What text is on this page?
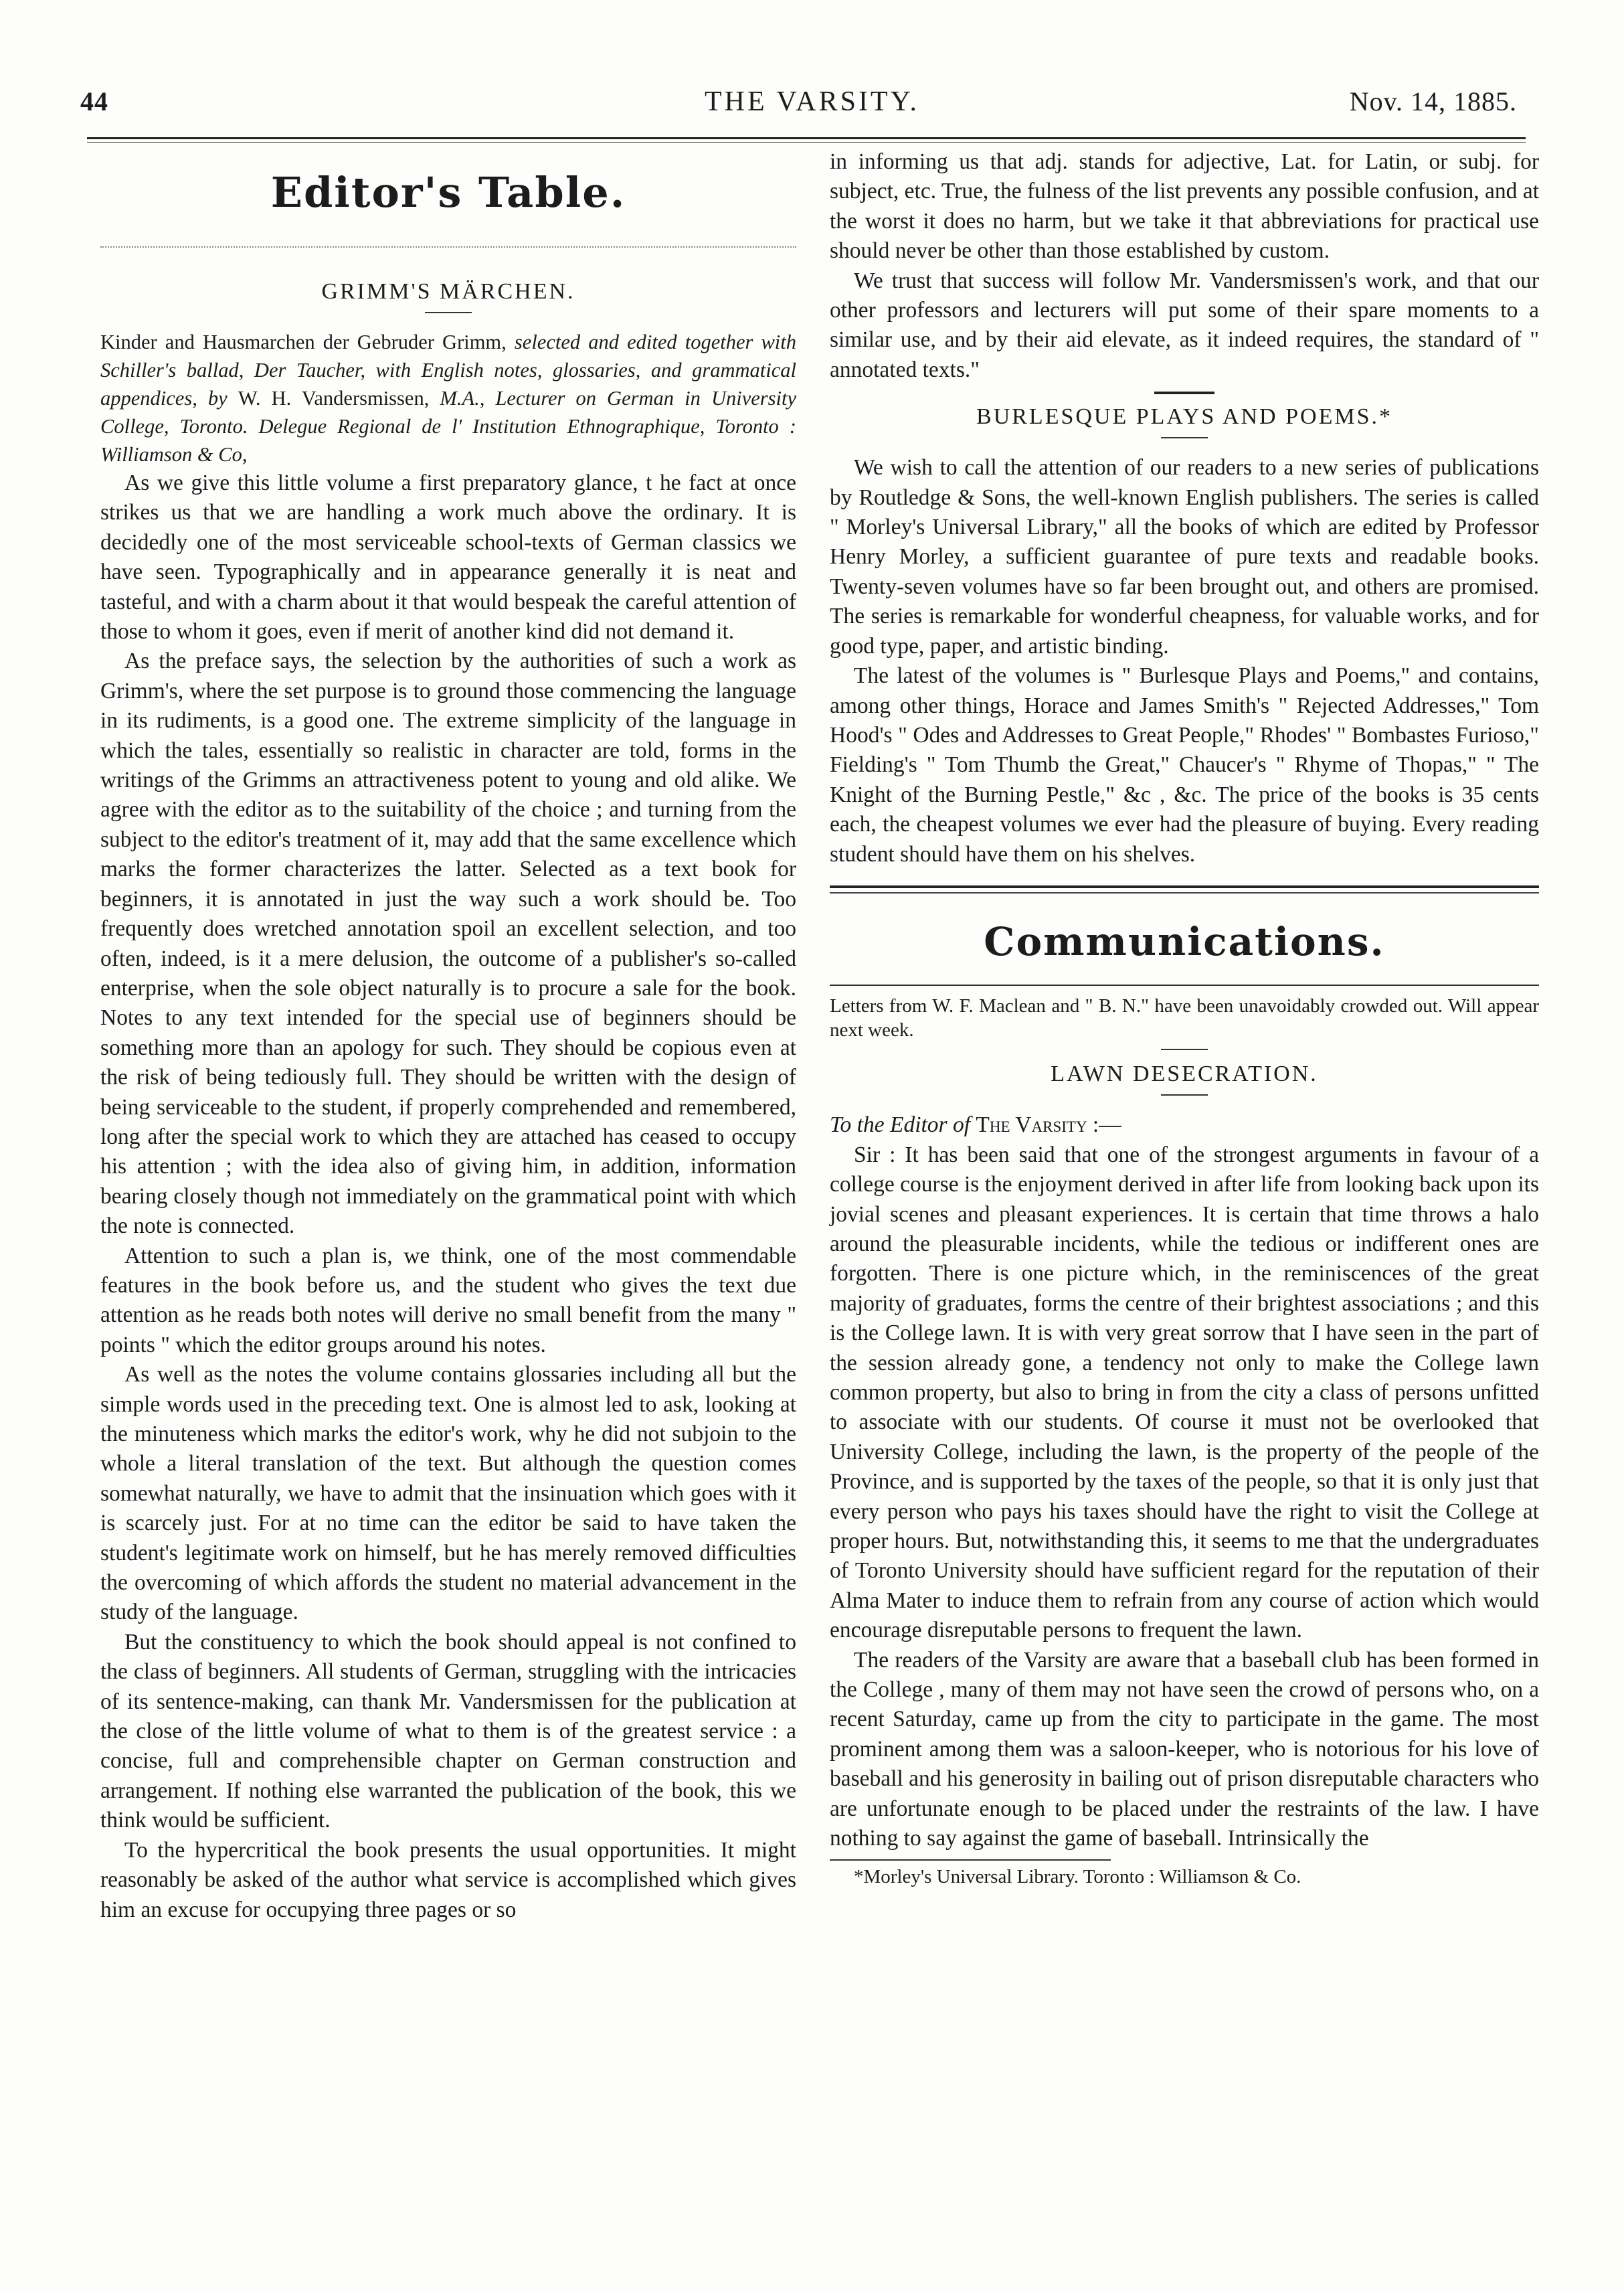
44	THE VARSITY.	Nov. 14, 1885.
Editor's Table.
GRIMM'S MÄRCHEN.

Kinder and Hausmarchen der Gebruder Grimm, selected and edited together with Schiller's ballad, Der Taucher, with English notes, glossaries, and grammatical appendices, by W. H. Vandersmissen, M.A., Lecturer on German in University College, Toronto. Delegue Regional de l' Institution Ethnographique, Toronto : Williamson & Co,

As we give this little volume a first preparatory glance, t he fact at once strikes us that we are handling a work much above the ordinary. It is decidedly one of the most serviceable school-texts of German classics we have seen. Typographically and in appearance generally it is neat and tasteful, and with a charm about it that would bespeak the careful attention of those to whom it goes, even if merit of another kind did not demand it.

As the preface says, the selection by the authorities of such a work as Grimm's, where the set purpose is to ground those commencing the language in its rudiments, is a good one. The extreme simplicity of the language in which the tales, essentially so realistic in character are told, forms in the writings of the Grimms an attractiveness potent to young and old alike. We agree with the editor as to the suitability of the choice ; and turning from the subject to the editor's treatment of it, may add that the same excellence which marks the former characterizes the latter. Selected as a text book for beginners, it is annotated in just the way such a work should be. Too frequently does wretched annotation spoil an excellent selection, and too often, indeed, is it a mere delusion, the outcome of a publisher's so-called enterprise, when the sole object naturally is to procure a sale for the book. Notes to any text intended for the special use of beginners should be something more than an apology for such. They should be copious even at the risk of being tediously full. They should be written with the design of being serviceable to the student, if properly comprehended and remembered, long after the special work to which they are attached has ceased to occupy his attention ; with the idea also of giving him, in addition, information bearing closely though not immediately on the grammatical point with which the note is connected.

Attention to such a plan is, we think, one of the most commendable features in the book before us, and the student who gives the text due attention as he reads both notes will derive no small benefit from the many " points " which the editor groups around his notes.

As well as the notes the volume contains glossaries including all but the simple words used in the preceding text. One is almost led to ask, looking at the minuteness which marks the editor's work, why he did not subjoin to the whole a literal translation of the text. But although the question comes somewhat naturally, we have to admit that the insinuation which goes with it is scarcely just. For at no time can the editor be said to have taken the student's legitimate work on himself, but he has merely removed difficulties the overcoming of which affords the student no material advancement in the study of the language.

But the constituency to which the book should appeal is not confined to the class of beginners. All students of German, struggling with the intricacies of its sentence-making, can thank Mr. Vandersmissen for the publication at the close of the little volume of what to them is of the greatest service : a concise, full and comprehensible chapter on German construction and arrangement. If nothing else warranted the publication of the book, this we think would be sufficient.

To the hypercritical the book presents the usual opportunities. It might reasonably be asked of the author what service is accomplished which gives him an excuse for occupying three pages or so

in informing us that adj. stands for adjective, Lat. for Latin, or subj. for subject, etc. True, the fulness of the list prevents any possible confusion, and at the worst it does no harm, but we take it that abbreviations for practical use should never be other than those established by custom.

We trust that success will follow Mr. Vandersmissen's work, and that our other professors and lecturers will put some of their spare moments to a similar use, and by their aid elevate, as it indeed requires, the standard of " annotated texts."

BURLESQUE PLAYS AND POEMS.*

We wish to call the attention of our readers to a new series of publications by Routledge & Sons, the well-known English publishers. The series is called " Morley's Universal Library," all the books of which are edited by Professor Henry Morley, a sufficient guarantee of pure texts and readable books. Twenty-seven volumes have so far been brought out, and others are promised. The series is remarkable for wonderful cheapness, for valuable works, and for good type, paper, and artistic binding.

The latest of the volumes is " Burlesque Plays and Poems," and contains, among other things, Horace and James Smith's " Rejected Addresses," Tom Hood's " Odes and Addresses to Great People," Rhodes' " Bombastes Furioso," Fielding's " Tom Thumb the Great," Chaucer's " Rhyme of Thopas," " The Knight of the Burning Pestle," &c , &c. The price of the books is 35 cents each, the cheapest volumes we ever had the pleasure of buying. Every reading student should have them on his shelves.

Communications.

Letters from W. F. Maclean and " B. N." have been unavoidably crowded out. Will appear next week.

LAWN DESECRATION.

To the Editor of The Varsity :—

Sir : It has been said that one of the strongest arguments in favour of a college course is the enjoyment derived in after life from looking back upon its jovial scenes and pleasant experiences. It is certain that time throws a halo around the pleasurable incidents, while the tedious or indifferent ones are forgotten. There is one picture which, in the reminiscences of the great majority of graduates, forms the centre of their brightest associations ; and this is the College lawn. It is with very great sorrow that I have seen in the part of the session already gone, a tendency not only to make the College lawn common property, but also to bring in from the city a class of persons unfitted to associate with our students. Of course it must not be overlooked that University College, including the lawn, is the property of the people of the Province, and is supported by the taxes of the people, so that it is only just that every person who pays his taxes should have the right to visit the College at proper hours. But, notwithstanding this, it seems to me that the undergraduates of Toronto University should have sufficient regard for the reputation of their Alma Mater to induce them to refrain from any course of action which would encourage disreputable persons to frequent the lawn.

The readers of the Varsity are aware that a baseball club has been formed in the College , many of them may not have seen the crowd of persons who, on a recent Saturday, came up from the city to participate in the game. The most prominent among them was a saloon-keeper, who is notorious for his love of baseball and his generosity in bailing out of prison disreputable characters who are unfortunate enough to be placed under the restraints of the law. I have nothing to say against the game of baseball. Intrinsically the

*Morley's Universal Library. Toronto : Williamson & Co.
